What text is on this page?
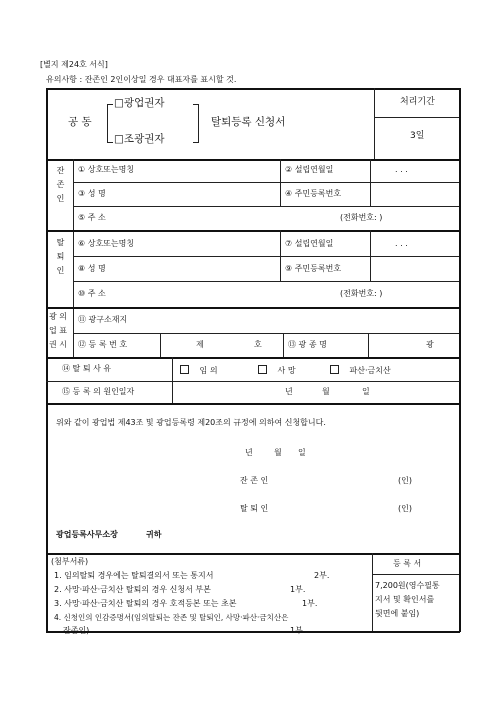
[별지 제24호 서식]
유의사항 : 잔존인 2인이상일 경우 대표자를 표시할 것.
공 동
□광업권자
□조광권자
탈퇴등록 신청서
처리기간
3일
잔존인 ① 상호또는명칭	② 설립연월일	. . .
③ 성 명	④ 주민등록번호
⑤ 주 소	(전화번호: )
탈퇴인 ⑥ 상호또는명칭	⑦ 설립연월일	. . .
⑧ 성 명	⑨ 주민등록번호
⑩ 주 소	(전화번호: )
광 의
업 표
권 시
⑪ 광구소재지
⑫ 등 록 번 호	제	호	⑬ 광 종 명	광
⑭ 탈 퇴 사 유	임 의	사 망	파산·금치산
⑮ 등 록 의 원인일자	년	월	일
위와 같이 광업법 제43조 및 광업등록령 제20조의 규정에 의하여 신청합니다.
년	월 일
잔 존 인	(인)
탈 퇴 인	(인)
광업등록사무소장	귀하
(첨부서류)
1. 임의탈퇴 경우에는 탈퇴결의서 또는 통지서	2부.
2. 사망·파산·금치산 탈퇴의 경우 신청서 부본	1부.
3. 사망·파산·금치산 탈퇴의 경우 호적등본 또는 초본	1부.
4. 신청인의 인감증명서(임의탈퇴는 잔존 및 탈퇴인, 사망·파산·금치산은
잔존인)	1부.
등 록 서
7,200원(영수필통
지서 및 확인서를
뒷면에 붙임)
